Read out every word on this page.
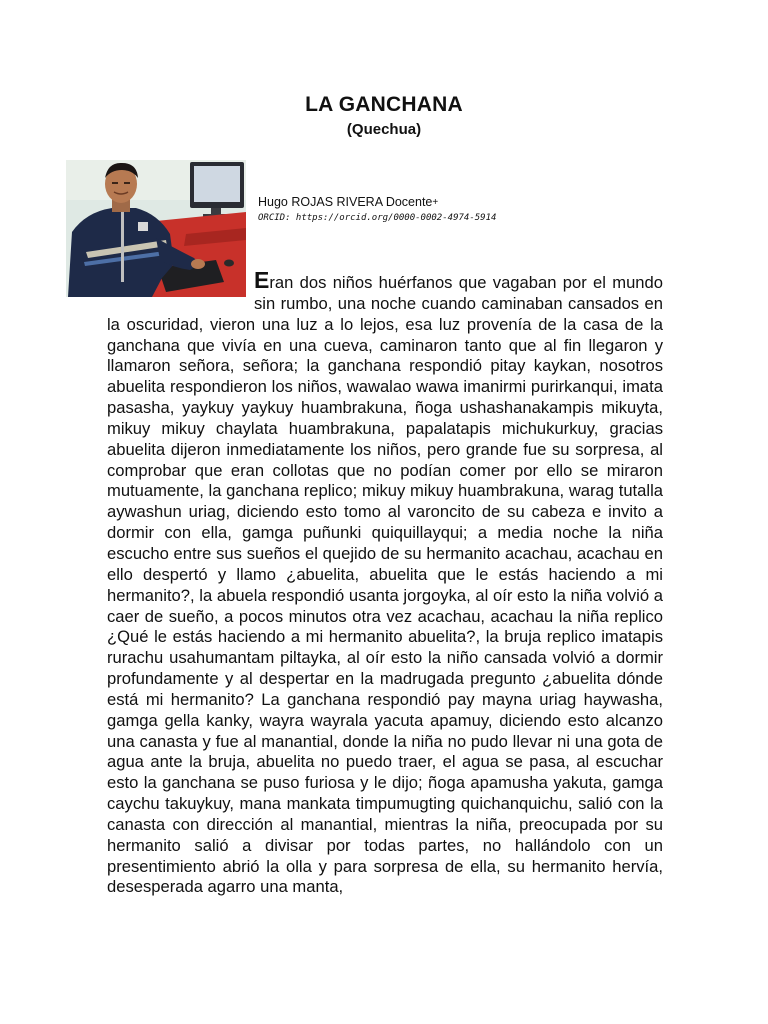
LA GANCHANA
(Quechua)
Hugo ROJAS RIVERA Docente+
ORCID: https://orcid.org/0000-0002-4974-5914
Eran dos niños huérfanos que vagaban por el mundo sin rumbo, una noche cuando caminaban cansados en la oscuridad, vieron una luz a lo lejos, esa luz provenía de la casa de la ganchana que vivía en una cueva, caminaron tanto que al fin llegaron y llamaron señora, señora; la ganchana respondió pitay kaykan, nosotros abuelita respondieron los niños, wawalao wawa imanirmi purirkanqui, imata pasasha, yaykuy yaykuy huambrakuna, ñoga ushashanakampis mikuyta, mikuy mikuy chaylata huambrakuna, papalatapis michukurkuy, gracias abuelita dijeron inmediatamente los niños, pero grande fue su sorpresa, al comprobar que eran collotas que no podían comer por ello se miraron mutuamente, la ganchana replico; mikuy mikuy huambrakuna, warag tutalla aywashun uriag, diciendo esto tomo al varoncito de su cabeza e invito a dormir con ella, gamga puñunki quiquillayqui; a media noche la niña escucho entre sus sueños el quejido de su hermanito acachau, acachau en ello despertó y llamo ¿abuelita, abuelita que le estás haciendo a mi hermanito?, la abuela respondió usanta jorgoyka, al oír esto la niña volvió a caer de sueño, a pocos minutos otra vez acachau, acachau la niña replico ¿Qué le estás haciendo a mi hermanito abuelita?, la bruja replico imatapis rurachu usahumantam piltayka, al oír esto la niño cansada volvió a dormir profundamente y al despertar en la madrugada pregunto ¿abuelita dónde está mi hermanito? La ganchana respondió pay mayna uriag haywasha, gamga gella kanky, wayra wayrala yacuta apamuy, diciendo esto alcanzo una canasta y fue al manantial, donde la niña no pudo llevar ni una gota de agua ante la bruja, abuelita no puedo traer, el agua se pasa, al escuchar esto la ganchana se puso furiosa y le dijo; ñoga apamusha yakuta, gamga caychu takuykuy, mana mankata timpumugting quichanquichu, salió con la canasta con dirección al manantial, mientras la niña, preocupada por su hermanito salió a divisar por todas partes, no hallándolo con un presentimiento abrió la olla y para sorpresa de ella, su hermanito hervía, desesperada agarro una manta,
